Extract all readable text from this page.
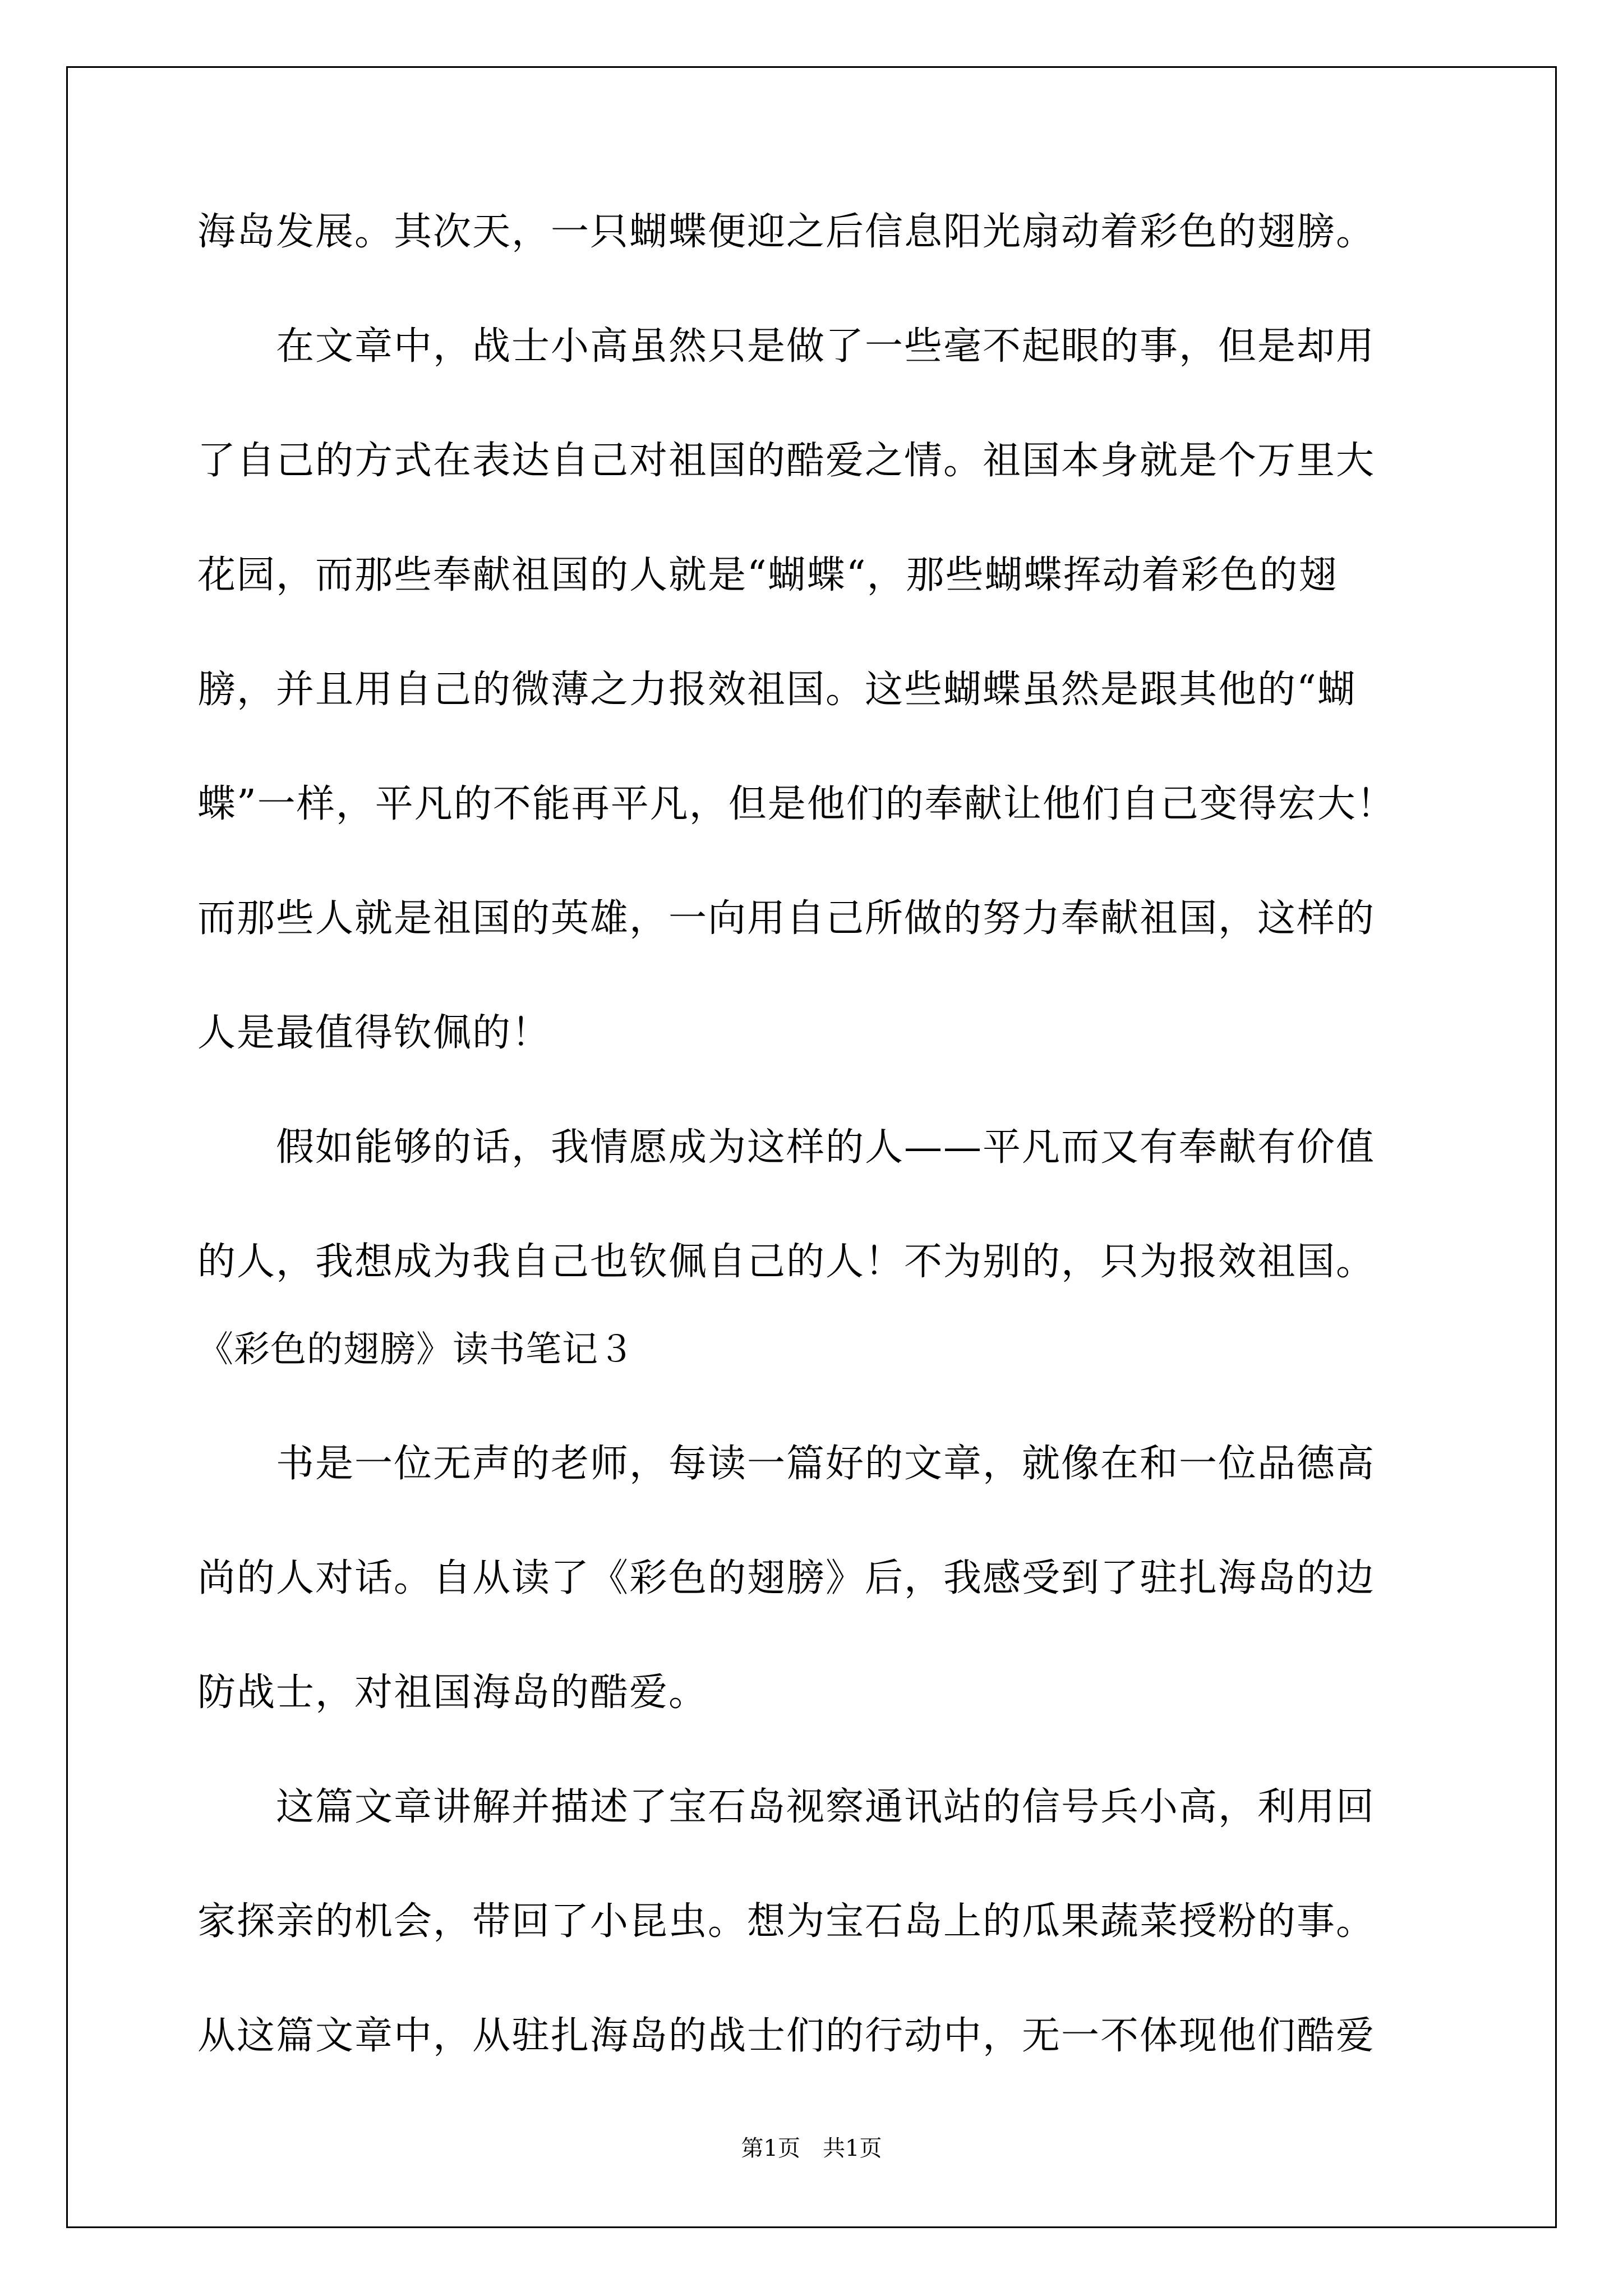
海岛发展。其次天，一只蝴蝶便迎之后信息阳光扇动着彩色的翅膀。
　　在文章中，战士小高虽然只是做了一些毫不起眼的事，但是却用
了自己的方式在表达自己对祖国的酷爱之情。祖国本身就是个万里大
花园，而那些奉献祖国的人就是“蝴蝶“，那些蝴蝶挥动着彩色的翅
膀，并且用自己的微薄之力报效祖国。这些蝴蝶虽然是跟其他的“蝴
蝶”一样，平凡的不能再平凡，但是他们的奉献让他们自己变得宏大！
而那些人就是祖国的英雄，一向用自己所做的努力奉献祖国，这样的
人是最值得钦佩的！
　　假如能够的话，我情愿成为这样的人——平凡而又有奉献有价值
的人，我想成为我自己也钦佩自己的人！不为别的，只为报效祖国。
《彩色的翅膀》读书笔记３
　　书是一位无声的老师，每读一篇好的文章，就像在和一位品德高
尚的人对话。自从读了《彩色的翅膀》后，我感受到了驻扎海岛的边
防战士，对祖国海岛的酷爱。
　　这篇文章讲解并描述了宝石岛视察通讯站的信号兵小高，利用回
家探亲的机会，带回了小昆虫。想为宝石岛上的瓜果蔬菜授粉的事。
从这篇文章中，从驻扎海岛的战士们的行动中，无一不体现他们酷爱
第1页　共1页
